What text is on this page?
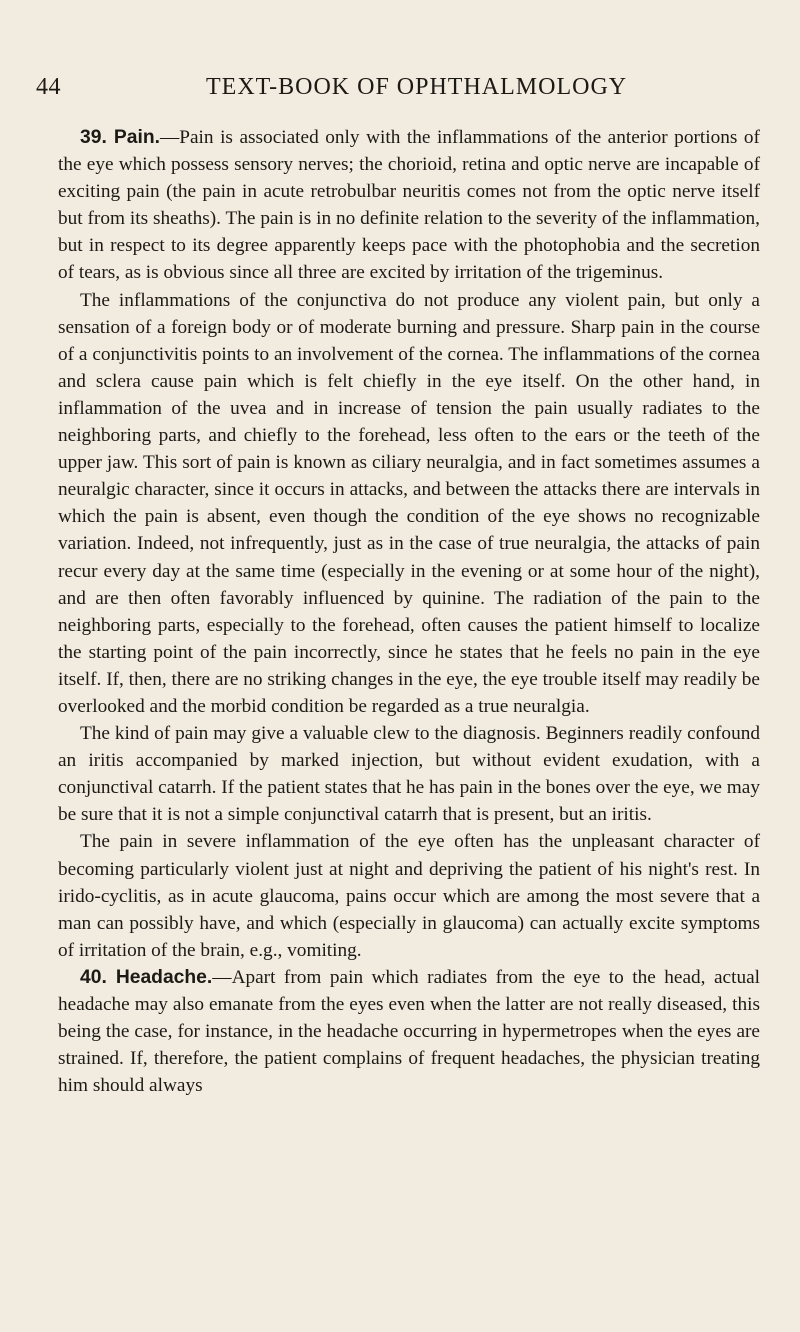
44	TEXT-BOOK OF OPHTHALMOLOGY

39. Pain.—Pain is associated only with the inflammations of the anterior portions of the eye which possess sensory nerves; the chorioid, retina and optic nerve are incapable of exciting pain (the pain in acute retrobulbar neuritis comes not from the optic nerve itself but from its sheaths). The pain is in no definite relation to the severity of the inflammation, but in respect to its degree apparently keeps pace with the photophobia and the secretion of tears, as is obvious since all three are excited by irritation of the trigeminus.

The inflammations of the conjunctiva do not produce any violent pain, but only a sensation of a foreign body or of moderate burning and pressure. Sharp pain in the course of a conjunctivitis points to an involvement of the cornea. The inflammations of the cornea and sclera cause pain which is felt chiefly in the eye itself. On the other hand, in inflammation of the uvea and in increase of tension the pain usually radiates to the neighboring parts, and chiefly to the forehead, less often to the ears or the teeth of the upper jaw. This sort of pain is known as ciliary neuralgia, and in fact sometimes assumes a neuralgic character, since it occurs in attacks, and between the attacks there are intervals in which the pain is absent, even though the condition of the eye shows no recognizable variation. Indeed, not infrequently, just as in the case of true neuralgia, the attacks of pain recur every day at the same time (especially in the evening or at some hour of the night), and are then often favorably influenced by quinine. The radiation of the pain to the neighboring parts, especially to the forehead, often causes the patient himself to localize the starting point of the pain incorrectly, since he states that he feels no pain in the eye itself. If, then, there are no striking changes in the eye, the eye trouble itself may readily be overlooked and the morbid condition be regarded as a true neuralgia.

The kind of pain may give a valuable clew to the diagnosis. Beginners readily confound an iritis accompanied by marked injection, but without evident exudation, with a conjunctival catarrh. If the patient states that he has pain in the bones over the eye, we may be sure that it is not a simple conjunctival catarrh that is present, but an iritis.

The pain in severe inflammation of the eye often has the unpleasant character of becoming particularly violent just at night and depriving the patient of his night's rest. In irido-cyclitis, as in acute glaucoma, pains occur which are among the most severe that a man can possibly have, and which (especially in glaucoma) can actually excite symptoms of irritation of the brain, e.g., vomiting.

40. Headache.—Apart from pain which radiates from the eye to the head, actual headache may also emanate from the eyes even when the latter are not really diseased, this being the case, for instance, in the headache occurring in hypermetropes when the eyes are strained. If, therefore, the patient complains of frequent headaches, the physician treating him should always
